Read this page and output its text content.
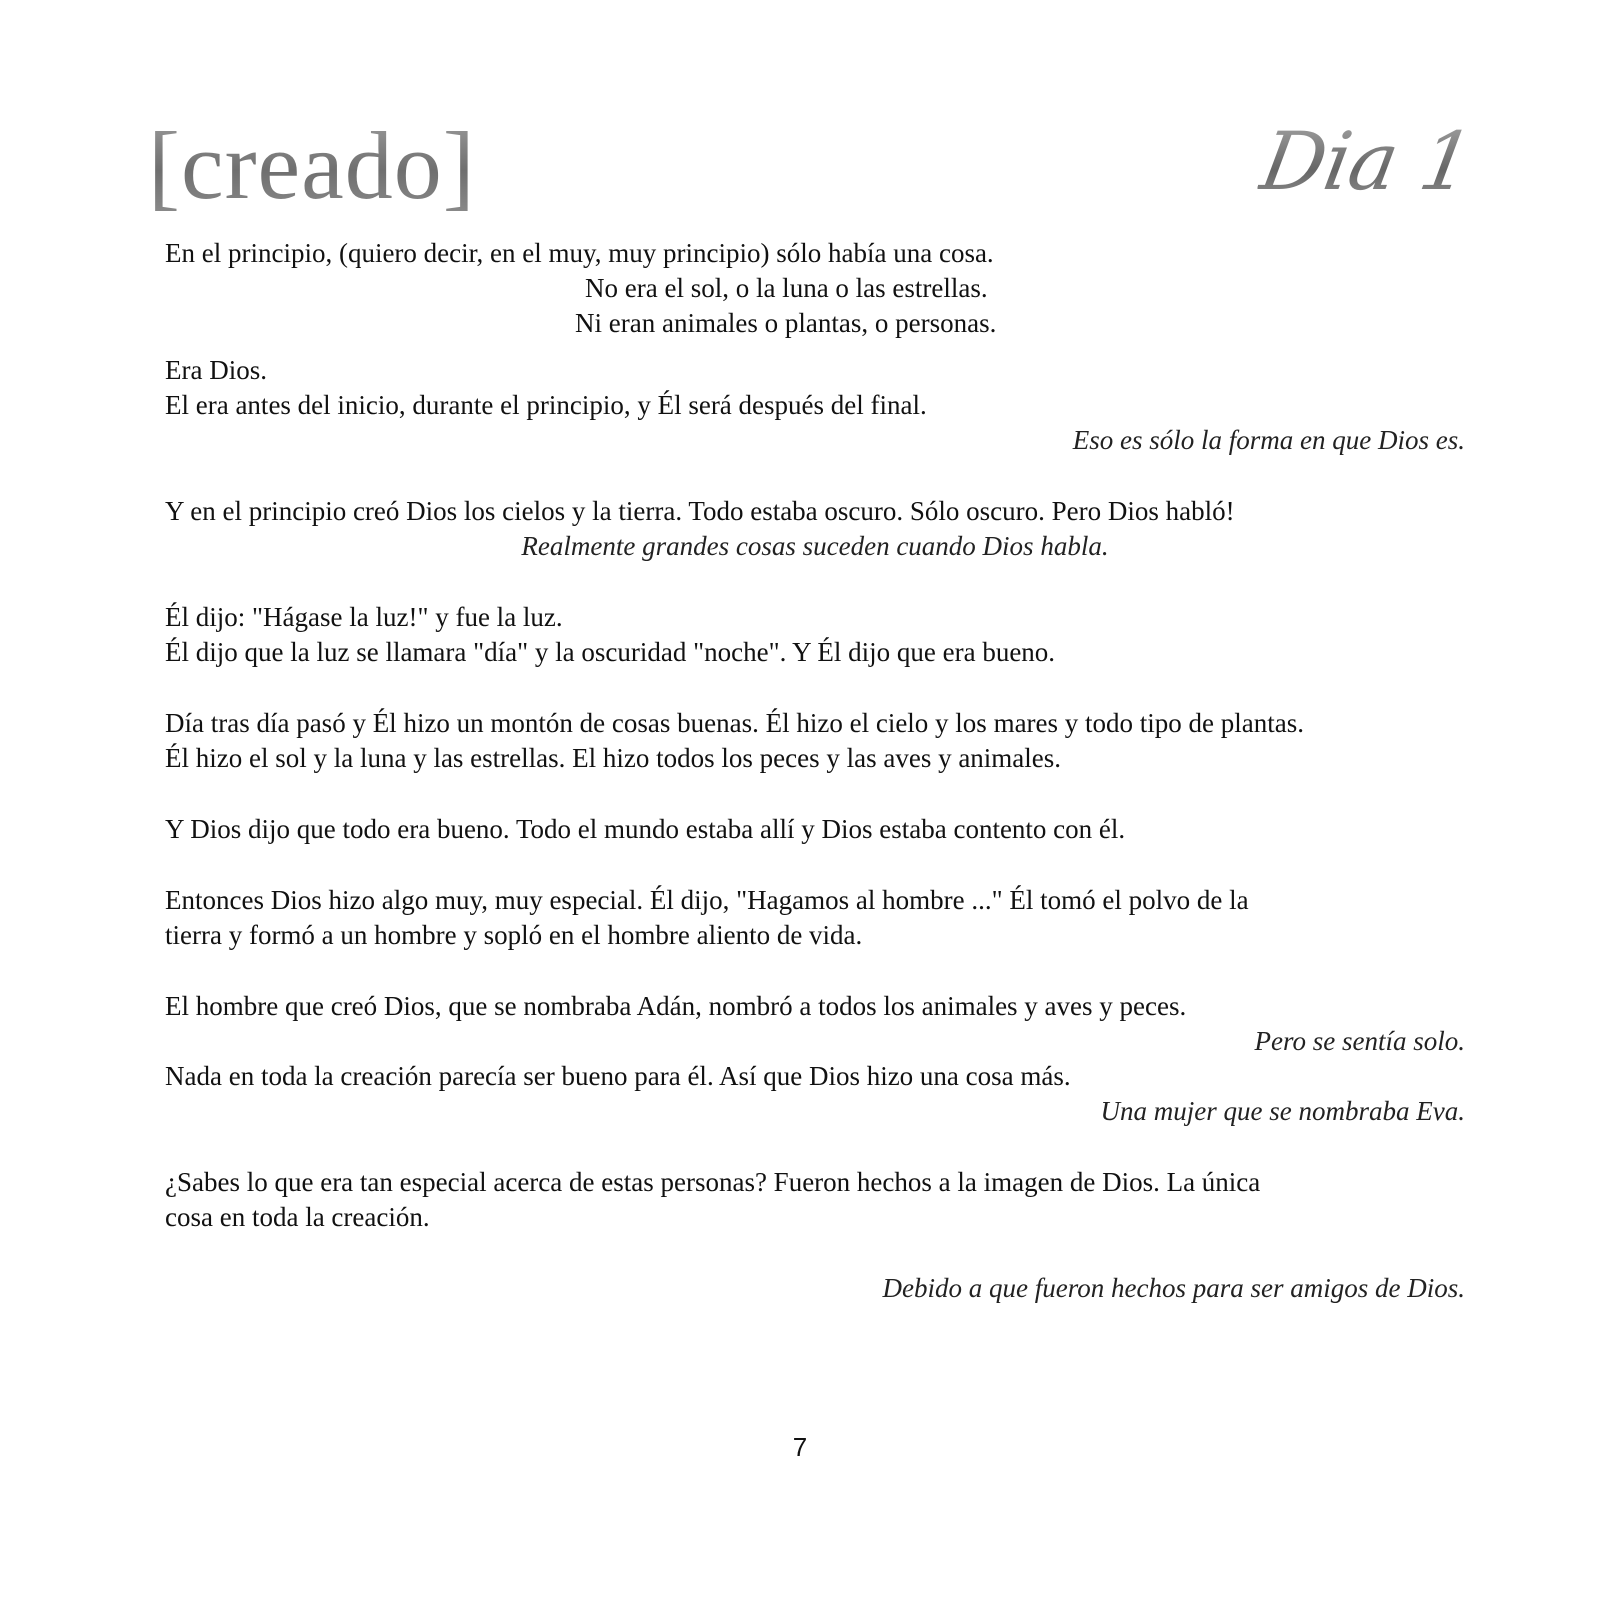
[creado]	Dia 1

En el principio, (quiero decir, en el muy, muy principio) sólo había una cosa.

No era el sol, o la luna o las estrellas.

Ni eran animales o plantas, o personas.

Era Dios.

El era antes del inicio, durante el principio, y Él será después del final.

Eso es sólo la forma en que Dios es.

Y en el principio creó Dios los cielos y la tierra. Todo estaba oscuro. Sólo oscuro. Pero Dios habló!

Realmente grandes cosas suceden cuando Dios habla.

Él dijo: "Hágase la luz!" y fue la luz.

Él dijo que la luz se llamara "día" y la oscuridad "noche". Y Él dijo que era bueno.

Día tras día pasó y Él hizo un montón de cosas buenas. Él hizo el cielo y los mares y todo tipo de plantas.

Él hizo el sol y la luna y las estrellas. El hizo todos los peces y las aves y animales.

Y Dios dijo que todo era bueno. Todo el mundo estaba allí y Dios estaba contento con él.

Entonces Dios hizo algo muy, muy especial. Él dijo, "Hagamos al hombre ..." Él tomó el polvo de la

tierra y formó a un hombre y sopló en el hombre aliento de vida.

El hombre que creó Dios, que se nombraba Adán, nombró a todos los animales y aves y peces.

Pero se sentía solo.

Nada en toda la creación parecía ser bueno para él. Así que Dios hizo una cosa más.

Una mujer que se nombraba Eva.

¿Sabes lo que era tan especial acerca de estas personas? Fueron hechos a la imagen de Dios. La única

cosa en toda la creación.

Debido a que fueron hechos para ser amigos de Dios.

7
